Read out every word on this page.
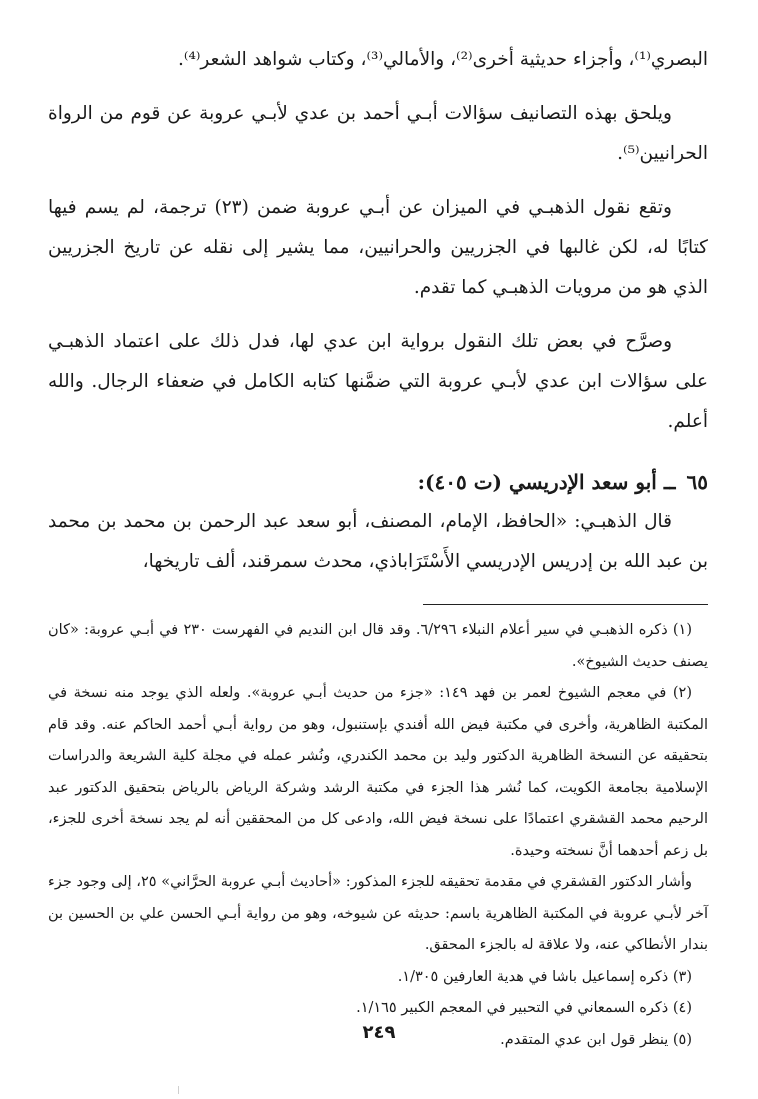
البصري⁽¹⁾، وأجزاء حديثية أخرى⁽²⁾، والأمالي⁽³⁾، وكتاب شواهد الشعر⁽⁴⁾.

ويلحق بهذه التصانيف سؤالات أبـي أحمد بن عدي لأبـي عروبة عن قوم من الرواة الحرانيين⁽⁵⁾.

وتقع نقول الذهبـي في الميزان عن أبـي عروبة ضمن (٢٣) ترجمة، لم يسم فيها كتابًا له، لكن غالبها في الجزريين والحرانيين، مما يشير إلى نقله عن تاريخ الجزريين الذي هو من مرويات الذهبـي كما تقدم.

وصرَّح في بعض تلك النقول برواية ابن عدي لها، فدل ذلك على اعتماد الذهبـي على سؤالات ابن عدي لأبـي عروبة التي ضمَّنها كتابه الكامل في ضعفاء الرجال. والله أعلم.

٦٥ ــ أبو سعد الإدريسي (ت ٤٠٥):

قال الذهبـي: «الحافظ، الإمام، المصنف، أبو سعد عبد الرحمن بن محمد بن محمد بن عبد الله بن إدريس الإدريسي الأَسْتَرَاباذي، محدث سمرقند، ألف تاريخها،

(١) ذكره الذهبـي في سير أعلام النبلاء ٦/٢٩٦. وقد قال ابن النديم في الفهرست ٢٣٠ في أبـي عروبة: «كان يصنف حديث الشيوخ».

(٢) في معجم الشيوخ لعمر بن فهد ١٤٩: «جزء من حديث أبـي عروبة». ولعله الذي يوجد منه نسخة في المكتبة الظاهرية، وأخرى في مكتبة فيض الله أفندي بإستنبول، وهو من رواية أبـي أحمد الحاكم عنه. وقد قام بتحقيقه عن النسخة الظاهرية الدكتور وليد بن محمد الكندري، ونُشر عمله في مجلة كلية الشريعة والدراسات الإسلامية بجامعة الكويت، كما نُشر هذا الجزء في مكتبة الرشد وشركة الرياض بالرياض بتحقيق الدكتور عبد الرحيم محمد القشقري اعتمادًا على نسخة فيض الله، وادعى كل من المحققين أنه لم يجد نسخة أخرى للجزء، بل زعم أحدهما أنَّ نسخته وحيدة.

وأشار الدكتور القشقري في مقدمة تحقيقه للجزء المذكور: «أحاديث أبـي عروبة الحرَّاني» ٢٥، إلى وجود جزء آخر لأبـي عروبة في المكتبة الظاهرية باسم: حديثه عن شيوخه، وهو من رواية أبـي الحسن علي بن الحسين بن بندار الأنطاكي عنه، ولا علاقة له بالجزء المحقق.

(٣) ذكره إسماعيل باشا في هدية العارفين ١/٣٠٥.

(٤) ذكره السمعاني في التحبير في المعجم الكبير ١/١٦٥.

(٥) ينظر قول ابن عدي المتقدم.

٢٤٩
